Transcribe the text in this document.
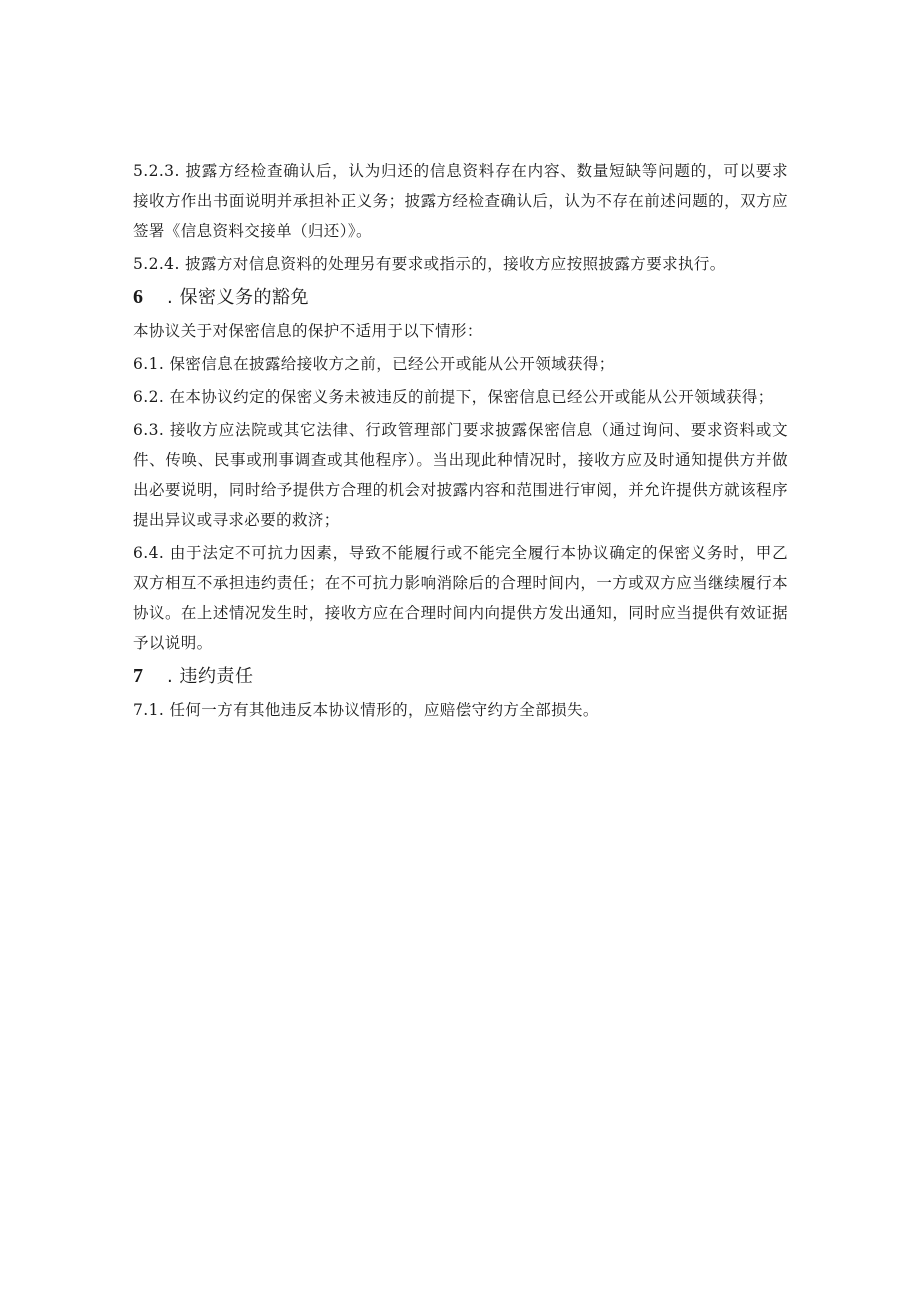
5.2.3. 披露方经检查确认后，认为归还的信息资料存在内容、数量短缺等问题的，可以要求接收方作出书面说明并承担补正义务；披露方经检查确认后，认为不存在前述问题的，双方应签署《信息资料交接单（归还）》。

5.2.4. 披露方对信息资料的处理另有要求或指示的，接收方应按照披露方要求执行。

6	. 保密义务的豁免

本协议关于对保密信息的保护不适用于以下情形：

6.1. 保密信息在披露给接收方之前，已经公开或能从公开领域获得；

6.2. 在本协议约定的保密义务未被违反的前提下，保密信息已经公开或能从公开领域获得；

6.3. 接收方应法院或其它法律、行政管理部门要求披露保密信息（通过询问、要求资料或文件、传唤、民事或刑事调查或其他程序）。当出现此种情况时，接收方应及时通知提供方并做出必要说明，同时给予提供方合理的机会对披露内容和范围进行审阅，并允许提供方就该程序提出异议或寻求必要的救济；

6.4. 由于法定不可抗力因素，导致不能履行或不能完全履行本协议确定的保密义务时，甲乙双方相互不承担违约责任；在不可抗力影响消除后的合理时间内，一方或双方应当继续履行本协议。在上述情况发生时，接收方应在合理时间内向提供方发出通知，同时应当提供有效证据予以说明。

7	. 违约责任

7.1. 任何一方有其他违反本协议情形的，应赔偿守约方全部损失。
